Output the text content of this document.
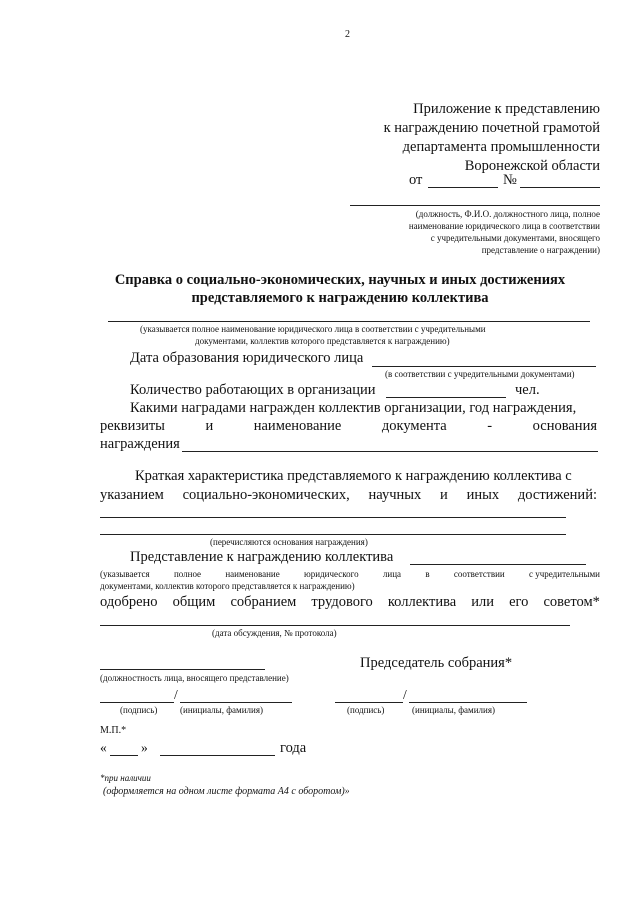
2
Приложение к представлению
к награждению почетной грамотой
департамента промышленности
Воронежской области
от	№
(должность, Ф.И.О. должностного лица, полное
наименование юридического лица в соответствии
с учредительными документами, вносящего
представление о награждении)
Справка о социально-экономических, научных и иных достижениях
представляемого к награждению коллектива
(указывается полное наименование юридического лица в соответствии с учредительными
документами, коллектив которого представляется к награждению)
Дата образования юридического лица
(в соответствии с учредительными документами)
Количество работающих в организации	чел.
Какими наградами награжден коллектив организации, год награждения,
реквизиты	и	наименование	документа	-	основания
награждения
Краткая характеристика представляемого к награждению коллектива с
указанием социально-экономических, научных и иных достижений:
(перечисляются основания награждения)
Представление к награждению коллектива
(указывается	полное	наименование	юридического	лица	в	соответствии	с учредительными
документами, коллектив которого представляется к награждению)
одобрено общим собранием трудового коллектива или его советом*
(дата обсуждения, № протокола)
Председатель собрания*
(должностность лица, вносящего представление)
/
(подпись)	(инициалы, фамилия)
/
(подпись)	(инициалы, фамилия)
М.П.*
«	»	года
*при наличии
(оформляется на одном листе формата А4 с оборотом)»
